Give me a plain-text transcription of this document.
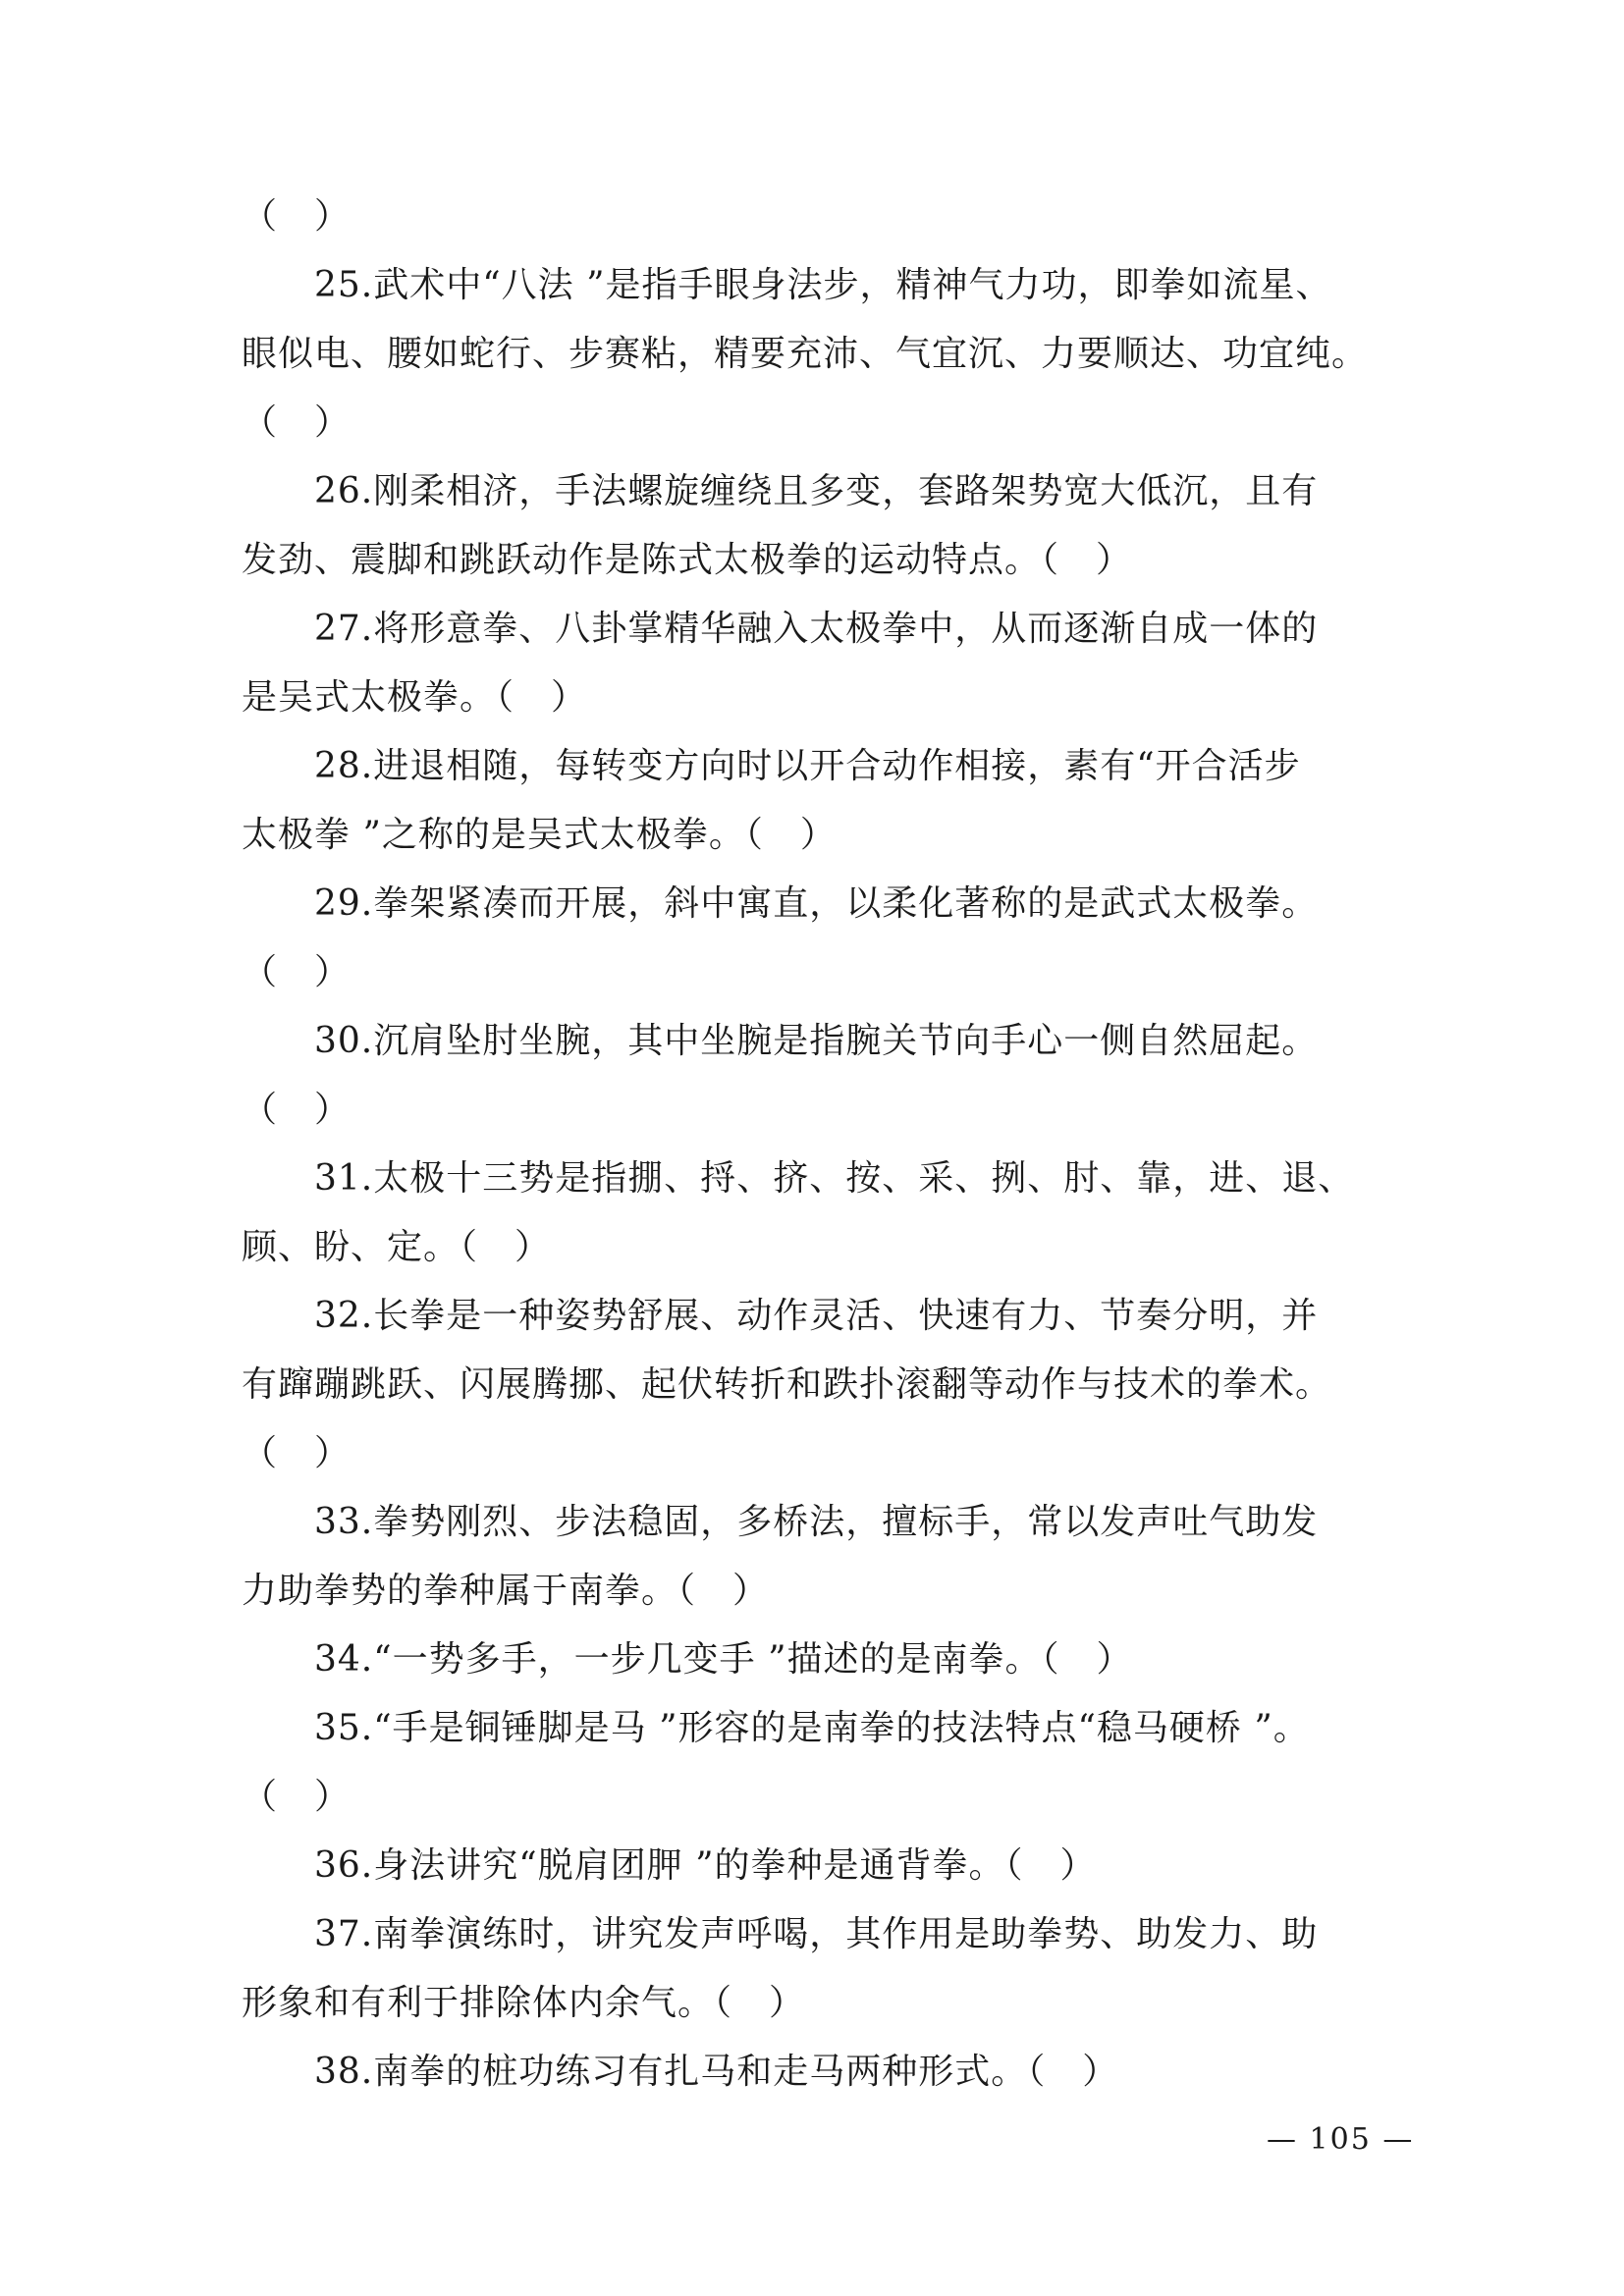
（　）
25.武术中“八法 ”是指手眼身法步，精神气力功，即拳如流星、
眼似电、腰如蛇行、步赛粘，精要充沛、气宜沉、力要顺达、功宜纯。
（　）
26.刚柔相济，手法螺旋缠绕且多变，套路架势宽大低沉，且有
发劲、震脚和跳跃动作是陈式太极拳的运动特点。（　）
27.将形意拳、八卦掌精华融入太极拳中，从而逐渐自成一体的
是吴式太极拳。（　）
28.进退相随，每转变方向时以开合动作相接，素有“开合活步
太极拳 ”之称的是吴式太极拳。（　）
29.拳架紧凑而开展，斜中寓直，以柔化著称的是武式太极拳。
（　）
30.沉肩坠肘坐腕，其中坐腕是指腕关节向手心一侧自然屈起。
（　）
31.太极十三势是指掤、捋、挤、按、采、挒、肘、靠，进、退、
顾、盼、定。（　）
32.长拳是一种姿势舒展、动作灵活、快速有力、节奏分明，并
有蹿蹦跳跃、闪展腾挪、起伏转折和跌扑滚翻等动作与技术的拳术。
（　）
33.拳势刚烈、步法稳固，多桥法，擅标手，常以发声吐气助发
力助拳势的拳种属于南拳。（　）
34.“一势多手，一步几变手 ”描述的是南拳。（　）
35.“手是铜锤脚是马 ”形容的是南拳的技法特点“稳马硬桥 ”。
（　）
36.身法讲究“脱肩团胛 ”的拳种是通背拳。（　）
37.南拳演练时，讲究发声呼喝，其作用是助拳势、助发力、助
形象和有利于排除体内余气。（　）
38.南拳的桩功练习有扎马和走马两种形式。（　）
— 105 —
